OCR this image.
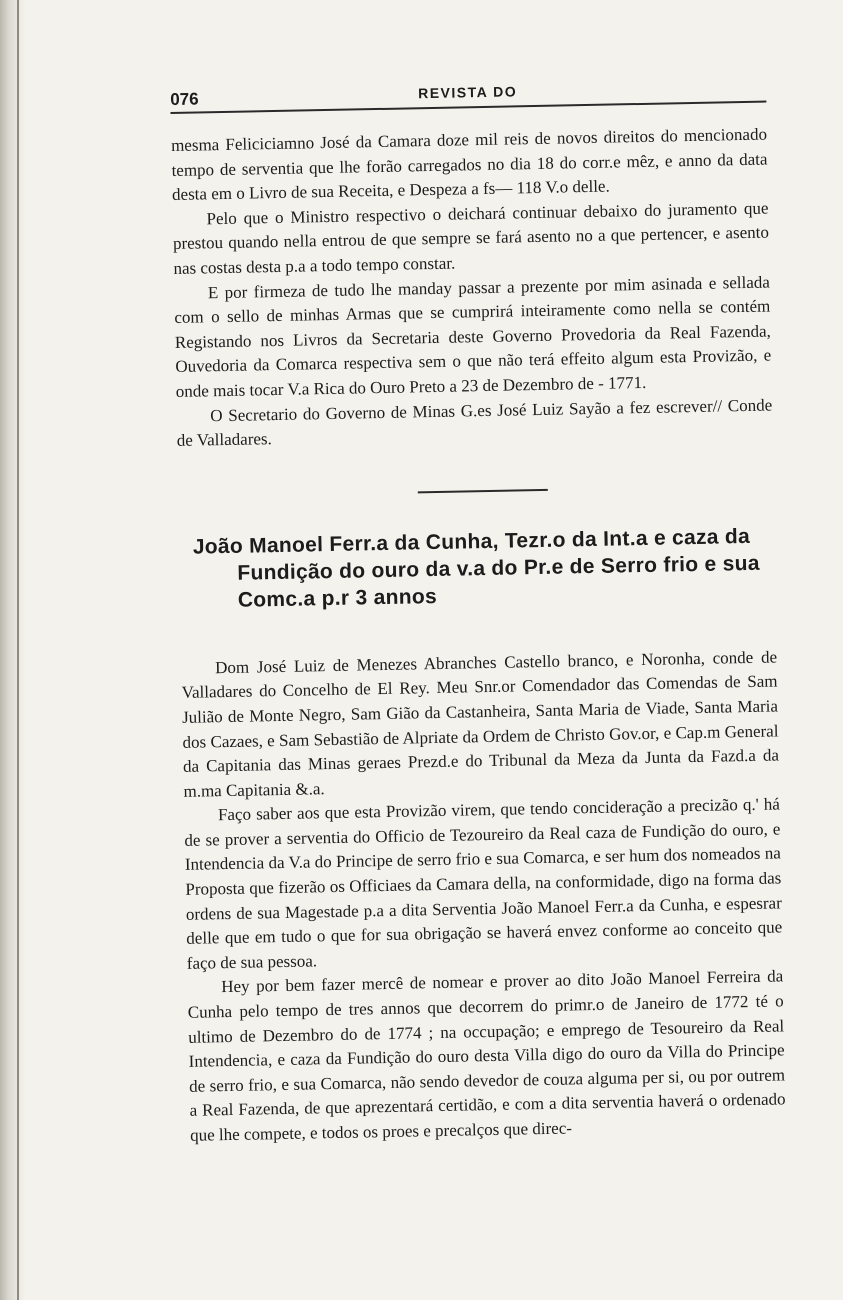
076	REVISTA DO

mesma Feliciciamno José da Camara doze mil reis de novos direitos do mencionado tempo de serventia que lhe forão carregados no dia 18 do corr.e mêz, e anno da data desta em o Livro de sua Receita, e Despeza a fs— 118 V.o delle.

Pelo que o Ministro respectivo o deichará continuar debaixo do juramento que prestou quando nella entrou de que sempre se fará asento no a que pertencer, e asento nas costas desta p.a a todo tempo constar.

E por firmeza de tudo lhe manday passar a prezente por mim asinada e sellada com o sello de minhas Armas que se cumprirá inteiramente como nella se contém Registando nos Livros da Secretaria deste Governo Provedoria da Real Fazenda, Ouvedoria da Comarca respectiva sem o que não terá effeito algum esta Provizão, e onde mais tocar V.a Rica do Ouro Preto a 23 de Dezembro de - 1771.

O Secretario do Governo de Minas G.es José Luiz Sayão a fez escrever// Conde de Valladares.

João Manoel Ferr.a da Cunha, Tezr.o da Int.a e caza da Fundição do ouro da v.a do Pr.e de Serro frio e sua Comc.a p.r 3 annos

Dom José Luiz de Menezes Abranches Castello branco, e Noronha, conde de Valladares do Concelho de El Rey. Meu Snr.or Comendador das Comendas de Sam Julião de Monte Negro, Sam Gião da Castanheira, Santa Maria de Viade, Santa Maria dos Cazaes, e Sam Sebastião de Alpriate da Ordem de Christo Gov.or, e Cap.m General da Capitania das Minas geraes Prezd.e do Tribunal da Meza da Junta da Fazd.a da m.ma Capitania &.a.

Faço saber aos que esta Provizão virem, que tendo concideração a precizão q.' há de se prover a serventia do Officio de Tezoureiro da Real caza de Fundição do ouro, e Intendencia da V.a do Principe de serro frio e sua Comarca, e ser hum dos nomeados na Proposta que fizerão os Officiaes da Camara della, na conformidade, digo na forma das ordens de sua Magestade p.a a dita Serventia João Manoel Ferr.a da Cunha, e espesrar delle que em tudo o que for sua obrigação se haverá envez conforme ao conceito que faço de sua pessoa.

Hey por bem fazer mercê de nomear e prover ao dito João Manoel Ferreira da Cunha pelo tempo de tres annos que decorrem do primr.o de Janeiro de 1772 té o ultimo de Dezembro do de 1774 ; na occupação; e emprego de Tesoureiro da Real Intendencia, e caza da Fundição do ouro desta Villa digo do ouro da Villa do Principe de serro frio, e sua Comarca, não sendo devedor de couza alguma per si, ou por outrem a Real Fazenda, de que aprezentará certidão, e com a dita serventia haverá o ordenado que lhe compete, e todos os proes e precalços que direc-
